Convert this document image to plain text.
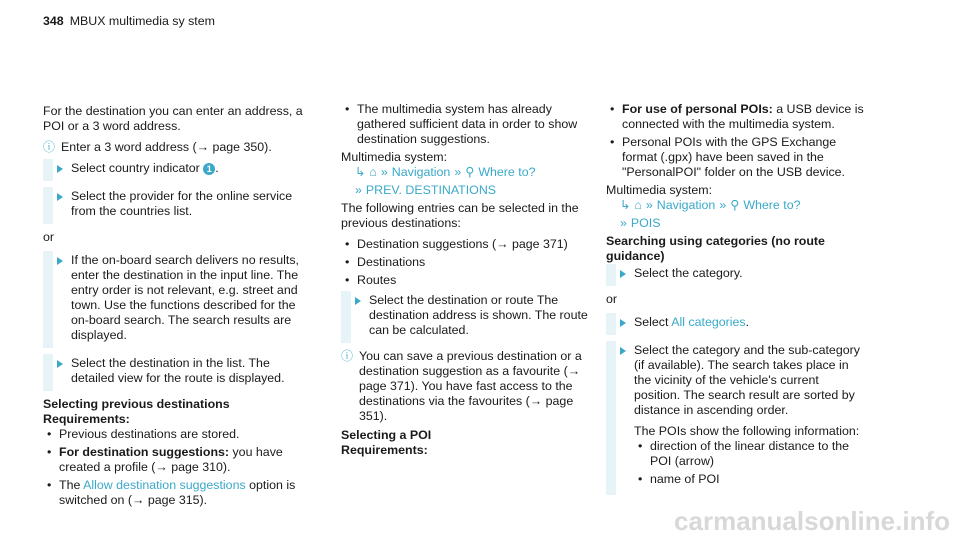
348 MBUX multimedia sy stem

For the destination you can enter an address, a POI or a 3 word address.

ⓘ Enter a 3 word address (→ page 350).
Select country indicator 1 .
Select the provider for the online service from the countries list.

or

If the on-board search delivers no results, enter the destination in the input line. The entry order is not relevant, e.g. street and town. Use the functions described for the on-board search. The search results are displayed.
Select the destination in the list. The detailed view for the route is displayed.

Selecting previous destinations

Requirements:

• Previous destinations are stored.
• For destination suggestions: you have created a profile (→ page 310).
• The Allow destination suggestions option is switched on (→ page 315).
• The multimedia system has already gathered sufficient data in order to show destination suggestions.

Multimedia system:

↳ ⌂ » Navigation » ⚲ Where to?
» PREV. DESTINATIONS

The following entries can be selected in the previous destinations:

• Destination suggestions (→ page 371)
• Destinations
• Routes
Select the destination or route The destination address is shown. The route can be calculated.
ⓘ You can save a previous destination or a destination suggestion as a favourite (→ page 371). You have fast access to the destinations via the favourites (→ page 351).

Selecting a POI

Requirements:

• For use of personal POIs: a USB device is connected with the multimedia system.
• Personal POIs with the GPS Exchange format (.gpx) have been saved in the "PersonalPOI" folder on the USB device.

Multimedia system:

↳ ⌂ » Navigation » ⚲ Where to?
» POIS

Searching using categories (no route guidance)

Select the category.

or

Select All categories.
Select the category and the sub-category (if available). The search takes place in the vicinity of the vehicle's current position. The search result are sorted by distance in ascending order.
The POIs show the following information:
• direction of the linear distance to the POI (arrow)
• name of POI
carmanualsonline.info
